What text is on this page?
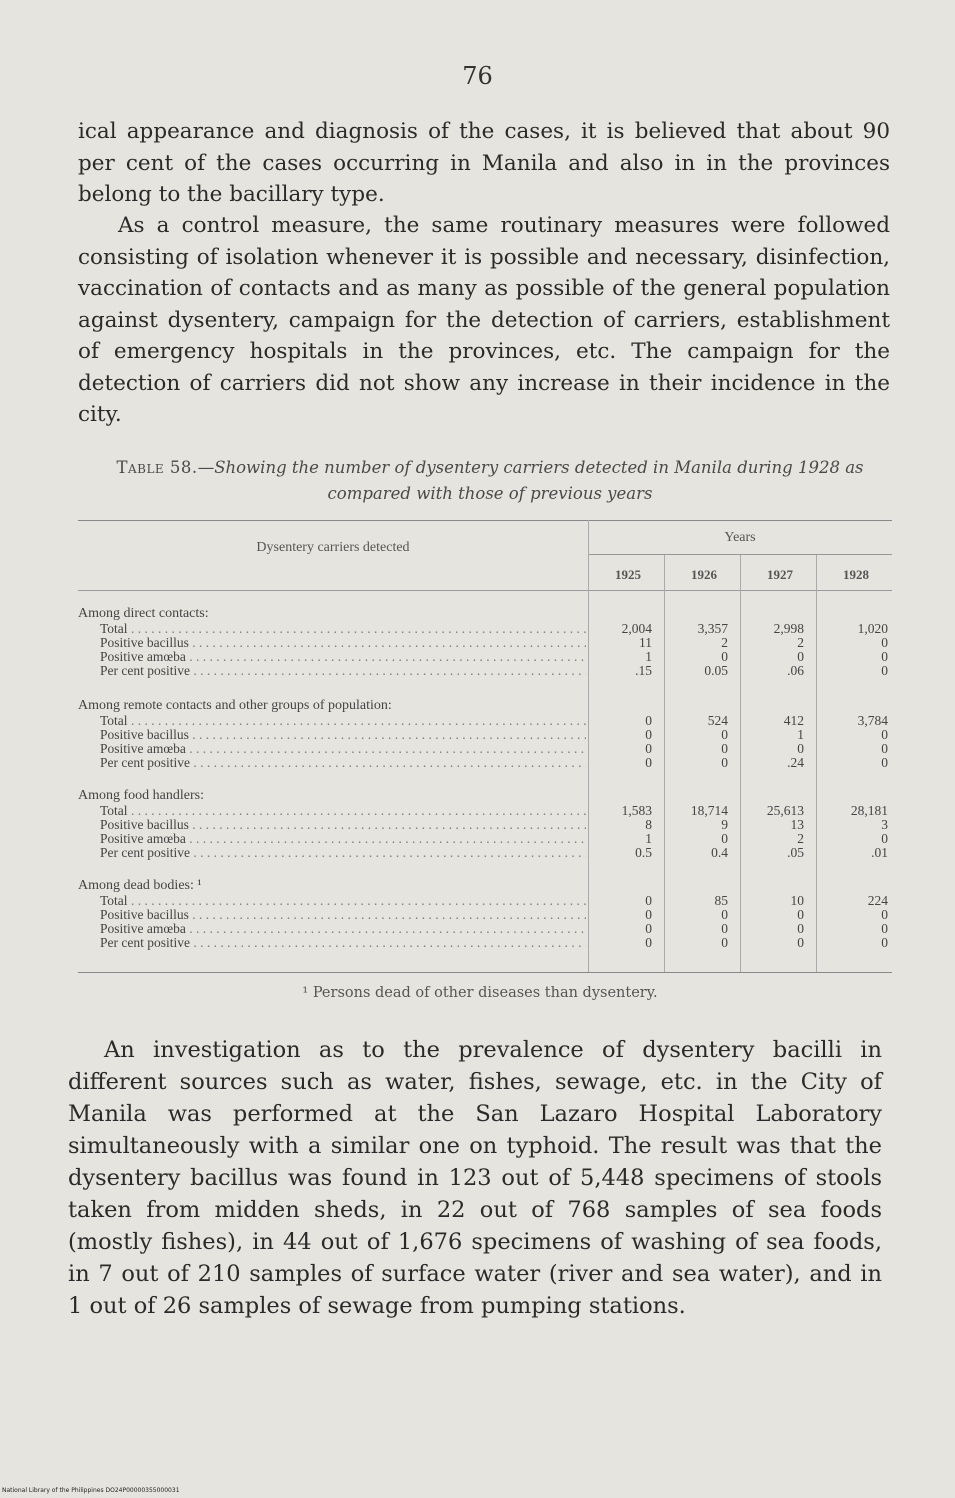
76

ical appearance and diagnosis of the cases, it is believed that about 90 per cent of the cases occurring in Manila and also in in the provinces belong to the bacillary type.

As a control measure, the same routinary measures were followed consisting of isolation whenever it is possible and necessary, disinfection, vaccination of contacts and as many as possible of the general population against dysentery, campaign for the detection of carriers, establishment of emergency hospitals in the provinces, etc. The campaign for the detection of carriers did not show any increase in their incidence in the city.

Table 58.—Showing the number of dysentery carriers detected in Manila during 1928 as compared with those of previous years
Dysentery carriers detected
Years
1925	1926	1927	1928
Among direct contacts:
Total . . .	2,004	3,357	2,998	1,020
Positive bacillus . . .	11	2	2	0
Positive amœba . . .	1	0	0	0
Per cent positive . . .	.15	0.05	.06	0
Among remote contacts and other groups of population:
Total . . .	0	524	412	3,784
Positive bacillus . . .	0	0	1	0
Positive amœba . . .	0	0	0	0
Per cent positive . . .	0	0	.24	0
Among food handlers:
Total . . .	1,583	18,714	25,613	28,181
Positive bacillus . . .	8	9	13	3
Positive amœba . . .	1	0	2	0
Per cent positive . . .	0.5	0.4	.05	.01
Among dead bodies: ¹
Total . . .	0	85	10	224
Positive bacillus . . .	0	0	0	0
Positive amœba . . .	0	0	0	0
Per cent positive . . .	0	0	0	0
¹ Persons dead of other diseases than dysentery.

An investigation as to the prevalence of dysentery bacilli in different sources such as water, fishes, sewage, etc. in the City of Manila was performed at the San Lazaro Hospital Laboratory simultaneously with a similar one on typhoid. The result was that the dysentery bacillus was found in 123 out of 5,448 specimens of stools taken from midden sheds, in 22 out of 768 samples of sea foods (mostly fishes), in 44 out of 1,676 specimens of washing of sea foods, in 7 out of 210 samples of surface water (river and sea water), and in 1 out of 26 samples of sewage from pumping stations.

National Library of the Philippines DO24P00000355000031
